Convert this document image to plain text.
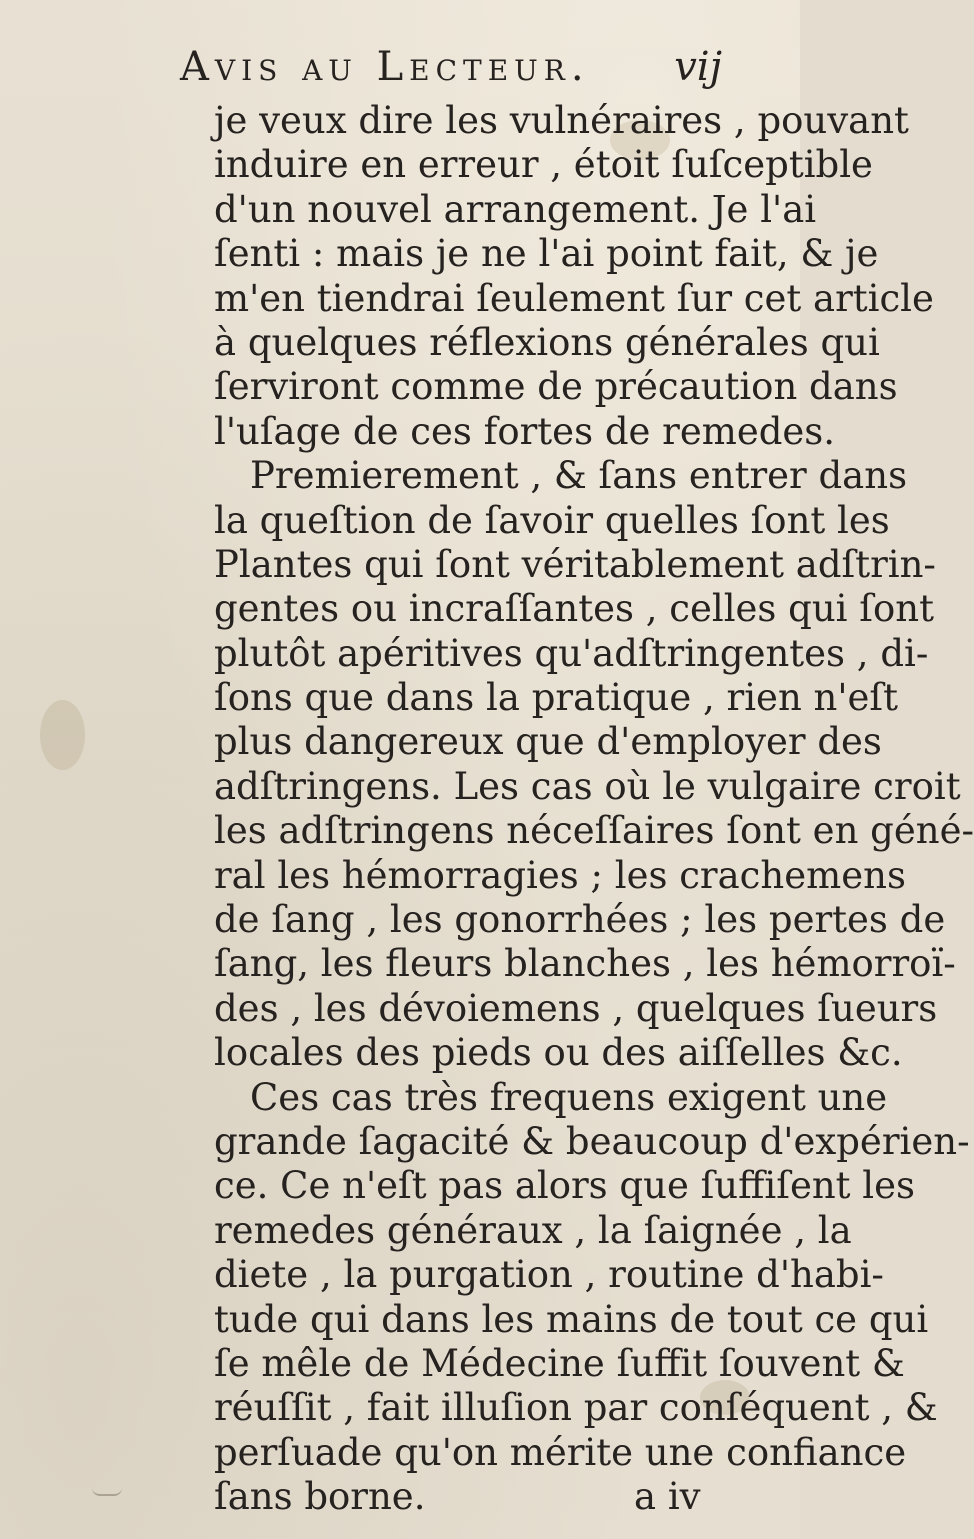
Avis au Lecteur. vij
je veux dire les vulnéraires , pouvant
induire en erreur , étoit ſuſceptible
d'un nouvel arrangement. Je l'ai
ſenti : mais je ne l'ai point fait, & je
m'en tiendrai ſeulement ſur cet article
à quelques réflexions générales qui
ſerviront comme de précaution dans
l'uſage de ces fortes de remedes.
Premierement , & ſans entrer dans
la queſtion de ſavoir quelles ſont les
Plantes qui ſont véritablement adſtrin-
gentes ou incraſſantes , celles qui ſont
plutôt apéritives qu'adſtringentes , di-
ſons que dans la pratique , rien n'eſt
plus dangereux que d'employer des
adſtringens. Les cas où le vulgaire croit
les adſtringens néceſſaires ſont en géné-
ral les hémorragies ; les crachemens
de ſang , les gonorrhées ; les pertes de
ſang, les fleurs blanches , les hémorroï-
des , les dévoiemens , quelques ſueurs
locales des pieds ou des aiſſelles &c.
Ces cas très frequens exigent une
grande ſagacité & beaucoup d'expérien-
ce. Ce n'eſt pas alors que ſuffiſent les
remedes généraux , la ſaignée , la
diete , la purgation , routine d'habi-
tude qui dans les mains de tout ce qui
ſe mêle de Médecine ſuffit ſouvent &
réuſſit , fait illuſion par conſéquent , &
perſuade qu'on mérite une confiance
ſans borne.	a iv
